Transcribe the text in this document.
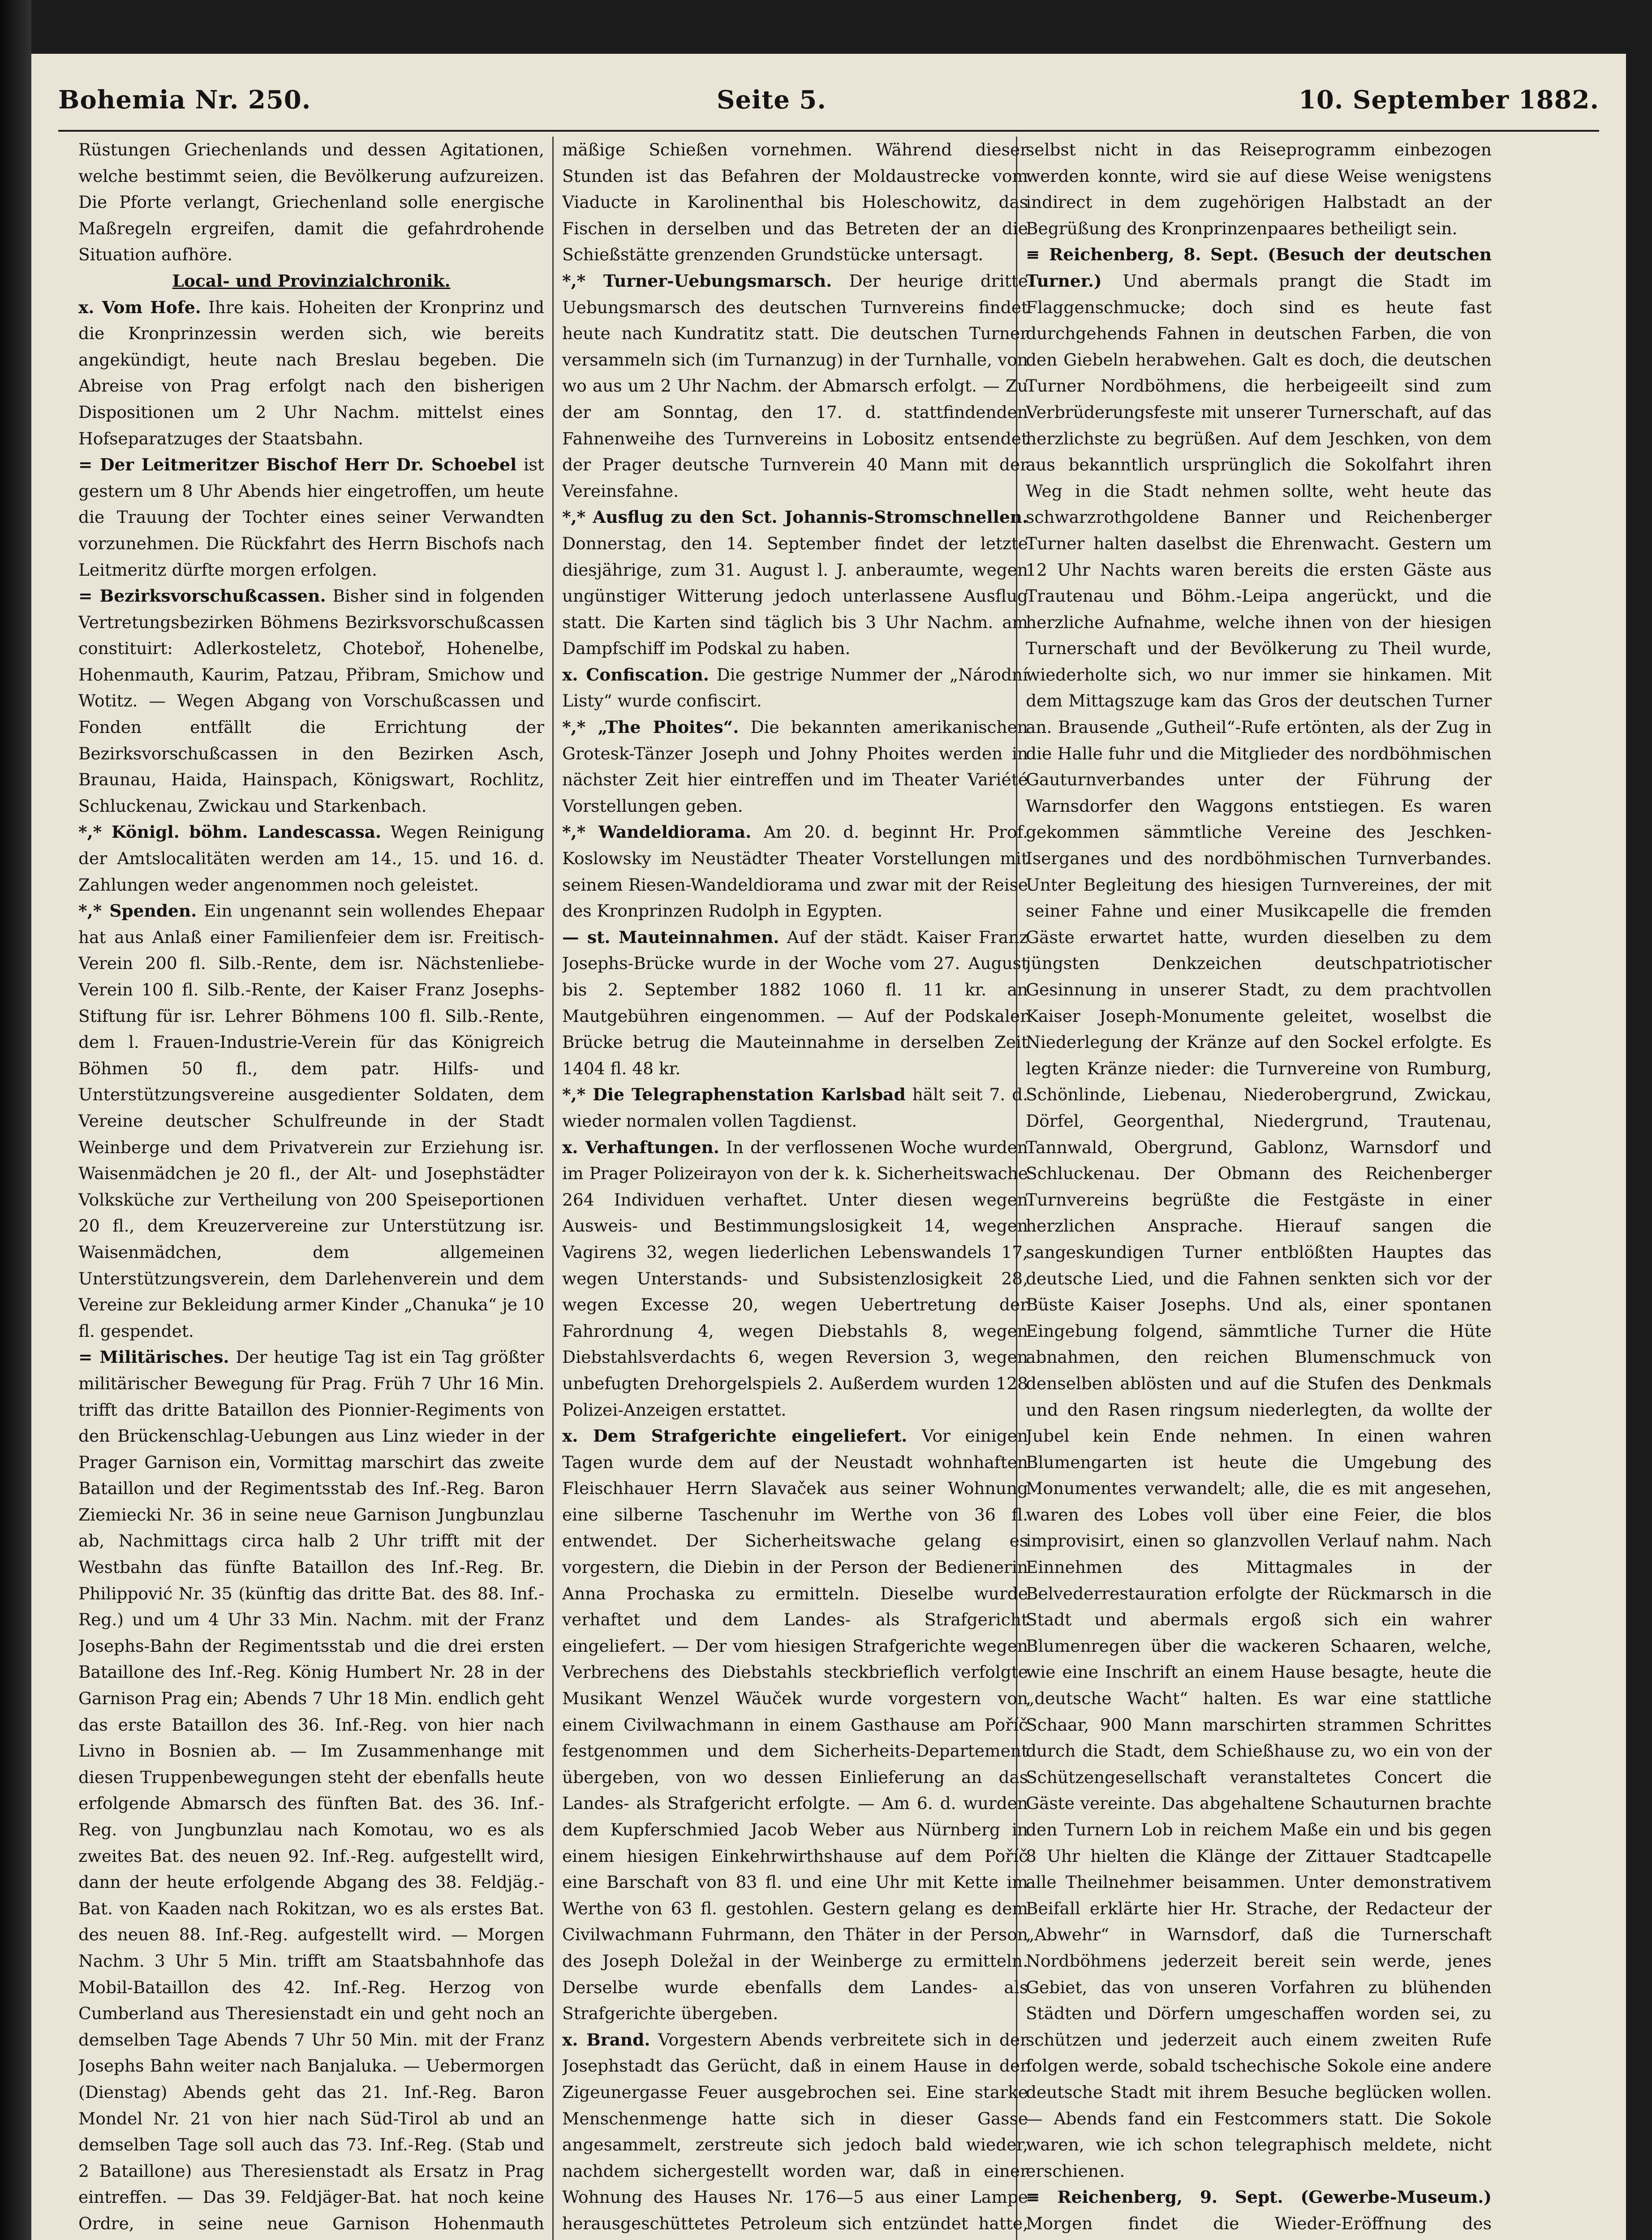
Bohemia Nr. 250.	Seite 5.	10. September 1882.

Rüstungen Griechenlands und dessen Agitationen, welche bestimmt seien, die Bevölkerung aufzureizen. Die Pforte verlangt, Griechenland solle energische Maßregeln ergreifen, damit die gefahrdrohende Situation aufhöre.

Local- und Provinzialchronik.

x. Vom Hofe. Ihre kais. Hoheiten der Kronprinz und die Kronprinzessin werden sich, wie bereits angekündigt, heute nach Breslau begeben. Die Abreise von Prag erfolgt nach den bisherigen Dispositionen um 2 Uhr Nachm. mittelst eines Hofseparatzuges der Staatsbahn.

= Der Leitmeritzer Bischof Herr Dr. Schoebel ist gestern um 8 Uhr Abends hier eingetroffen, um heute die Trauung der Tochter eines seiner Verwandten vorzunehmen. Die Rückfahrt des Herrn Bischofs nach Leitmeritz dürfte morgen erfolgen.

= Bezirksvorschußcassen. Bisher sind in folgenden Vertretungsbezirken Böhmens Bezirksvorschußcassen constituirt: Adlerkosteletz, Choteboř, Hohenelbe, Hohenmauth, Kaurim, Patzau, Přibram, Smichow und Wotitz. — Wegen Abgang von Vorschußcassen und Fonden entfällt die Errichtung der Bezirksvorschußcassen in den Bezirken Asch, Braunau, Haida, Hainspach, Königswart, Rochlitz, Schluckenau, Zwickau und Starkenbach.

*,* Königl. böhm. Landescassa. Wegen Reinigung der Amtslocalitäten werden am 14., 15. und 16. d. Zahlungen weder angenommen noch geleistet.

*,* Spenden. Ein ungenannt sein wollendes Ehepaar hat aus Anlaß einer Familienfeier dem isr. Freitisch-Verein 200 fl. Silb.-Rente, dem isr. Nächstenliebe-Verein 100 fl. Silb.-Rente, der Kaiser Franz Josephs-Stiftung für isr. Lehrer Böhmens 100 fl. Silb.-Rente, dem l. Frauen-Industrie-Verein für das Königreich Böhmen 50 fl., dem patr. Hilfs- und Unterstützungsvereine ausgedienter Soldaten, dem Vereine deutscher Schulfreunde in der Stadt Weinberge und dem Privatverein zur Erziehung isr. Waisenmädchen je 20 fl., der Alt- und Josephstädter Volksküche zur Vertheilung von 200 Speiseportionen 20 fl., dem Kreuzervereine zur Unterstützung isr. Waisenmädchen, dem allgemeinen Unterstützungsverein, dem Darlehenverein und dem Vereine zur Bekleidung armer Kinder „Chanuka“ je 10 fl. gespendet.

= Militärisches. Der heutige Tag ist ein Tag größter militärischer Bewegung für Prag. Früh 7 Uhr 16 Min. trifft das dritte Bataillon des Pionnier-Regiments von den Brückenschlag-Uebungen aus Linz wieder in der Prager Garnison ein, Vormittag marschirt das zweite Bataillon und der Regimentsstab des Inf.-Reg. Baron Ziemiecki Nr. 36 in seine neue Garnison Jungbunzlau ab, Nachmittags circa halb 2 Uhr trifft mit der Westbahn das fünfte Bataillon des Inf.-Reg. Br. Philippović Nr. 35 (künftig das dritte Bat. des 88. Inf.-Reg.) und um 4 Uhr 33 Min. Nachm. mit der Franz Josephs-Bahn der Regimentsstab und die drei ersten Bataillone des Inf.-Reg. König Humbert Nr. 28 in der Garnison Prag ein; Abends 7 Uhr 18 Min. endlich geht das erste Bataillon des 36. Inf.-Reg. von hier nach Livno in Bosnien ab. — Im Zusammenhange mit diesen Truppenbewegungen steht der ebenfalls heute erfolgende Abmarsch des fünften Bat. des 36. Inf.-Reg. von Jungbunzlau nach Komotau, wo es als zweites Bat. des neuen 92. Inf.-Reg. aufgestellt wird, dann der heute erfolgende Abgang des 38. Feldjäg.-Bat. von Kaaden nach Rokitzan, wo es als erstes Bat. des neuen 88. Inf.-Reg. aufgestellt wird. — Morgen Nachm. 3 Uhr 5 Min. trifft am Staatsbahnhofe das Mobil-Bataillon des 42. Inf.-Reg. Herzog von Cumberland aus Theresienstadt ein und geht noch an demselben Tage Abends 7 Uhr 50 Min. mit der Franz Josephs Bahn weiter nach Banjaluka. — Uebermorgen (Dienstag) Abends geht das 21. Inf.-Reg. Baron Mondel Nr. 21 von hier nach Süd-Tirol ab und an demselben Tage soll auch das 73. Inf.-Reg. (Stab und 2 Bataillone) aus Theresienstadt als Ersatz in Prag eintreffen. — Das 39. Feldjäger-Bat. hat noch keine Ordre, in seine neue Garnison Hohenmauth

mäßige Schießen vornehmen. Während dieser Stunden ist das Befahren der Moldaustrecke vom Viaducte in Karolinenthal bis Holeschowitz, das Fischen in derselben und das Betreten der an die Schießstätte grenzenden Grundstücke untersagt.

*,* Turner-Uebungsmarsch. Der heurige dritte Uebungsmarsch des deutschen Turnvereins findet heute nach Kundratitz statt. Die deutschen Turner versammeln sich (im Turnanzug) in der Turnhalle, von wo aus um 2 Uhr Nachm. der Abmarsch erfolgt. — Zu der am Sonntag, den 17. d. stattfindenden Fahnenweihe des Turnvereins in Lobositz entsendet der Prager deutsche Turnverein 40 Mann mit der Vereinsfahne.

*,* Ausflug zu den Sct. Johannis-Stromschnellen. Donnerstag, den 14. September findet der letzte diesjährige, zum 31. August l. J. anberaumte, wegen ungünstiger Witterung jedoch unterlassene Ausflug statt. Die Karten sind täglich bis 3 Uhr Nachm. am Dampfschiff im Podskal zu haben.

x. Confiscation. Die gestrige Nummer der „Národní Listy“ wurde confiscirt.

*,* „The Phoites“. Die bekannten amerikanischen Grotesk-Tänzer Joseph und Johny Phoites werden in nächster Zeit hier eintreffen und im Theater Variété Vorstellungen geben.

*,* Wandeldiorama. Am 20. d. beginnt Hr. Prof. Koslowsky im Neustädter Theater Vorstellungen mit seinem Riesen-Wandeldiorama und zwar mit der Reise des Kronprinzen Rudolph in Egypten.

— st. Mauteinnahmen. Auf der städt. Kaiser Franz Josephs-Brücke wurde in der Woche vom 27. August bis 2. September 1882 1060 fl. 11 kr. an Mautgebühren eingenommen. — Auf der Podskaler Brücke betrug die Mauteinnahme in derselben Zeit 1404 fl. 48 kr.

*,* Die Telegraphenstation Karlsbad hält seit 7. d. wieder normalen vollen Tagdienst.

x. Verhaftungen. In der verflossenen Woche wurden im Prager Polizeirayon von der k. k. Sicherheitswache 264 Individuen verhaftet. Unter diesen wegen Ausweis- und Bestimmungslosigkeit 14, wegen Vagirens 32, wegen liederlichen Lebenswandels 17, wegen Unterstands- und Subsistenzlosigkeit 28, wegen Excesse 20, wegen Uebertretung der Fahrordnung 4, wegen Diebstahls 8, wegen Diebstahlsverdachts 6, wegen Reversion 3, wegen unbefugten Drehorgelspiels 2. Außerdem wurden 128 Polizei-Anzeigen erstattet.

x. Dem Strafgerichte eingeliefert. Vor einigen Tagen wurde dem auf der Neustadt wohnhaften Fleischhauer Herrn Slavaček aus seiner Wohnung eine silberne Taschenuhr im Werthe von 36 fl. entwendet. Der Sicherheitswache gelang es vorgestern, die Diebin in der Person der Bedienerin Anna Prochaska zu ermitteln. Dieselbe wurde verhaftet und dem Landes- als Strafgericht eingeliefert. — Der vom hiesigen Strafgerichte wegen Verbrechens des Diebstahls steckbrieflich verfolgte Musikant Wenzel Wäuček wurde vorgestern von einem Civilwachmann in einem Gasthause am Poříč festgenommen und dem Sicherheits-Departement übergeben, von wo dessen Einlieferung an das Landes- als Strafgericht erfolgte. — Am 6. d. wurden dem Kupferschmied Jacob Weber aus Nürnberg in einem hiesigen Einkehrwirthshause auf dem Poříč eine Barschaft von 83 fl. und eine Uhr mit Kette im Werthe von 63 fl. gestohlen. Gestern gelang es dem Civilwachmann Fuhrmann, den Thäter in der Person des Joseph Doležal in der Weinberge zu ermitteln. Derselbe wurde ebenfalls dem Landes- als Strafgerichte übergeben.

x. Brand. Vorgestern Abends verbreitete sich in der Josephstadt das Gerücht, daß in einem Hause in der Zigeunergasse Feuer ausgebrochen sei. Eine starke Menschenmenge hatte sich in dieser Gasse angesammelt, zerstreute sich jedoch bald wieder, nachdem sichergestellt worden war, daß in einer Wohnung des Hauses Nr. 176—5 aus einer Lampe herausgeschüttetes Petroleum sich entzündet hatte,

selbst nicht in das Reiseprogramm einbezogen werden konnte, wird sie auf diese Weise wenigstens indirect in dem zugehörigen Halbstadt an der Begrüßung des Kronprinzenpaares betheiligt sein.

≡ Reichenberg, 8. Sept. (Besuch der deutschen Turner.) Und abermals prangt die Stadt im Flaggenschmucke; doch sind es heute fast durchgehends Fahnen in deutschen Farben, die von den Giebeln herabwehen. Galt es doch, die deutschen Turner Nordböhmens, die herbeigeeilt sind zum Verbrüderungsfeste mit unserer Turnerschaft, auf das herzlichste zu begrüßen. Auf dem Jeschken, von dem aus bekanntlich ursprünglich die Sokolfahrt ihren Weg in die Stadt nehmen sollte, weht heute das schwarzrothgoldene Banner und Reichenberger Turner halten daselbst die Ehrenwacht. Gestern um 12 Uhr Nachts waren bereits die ersten Gäste aus Trautenau und Böhm.-Leipa angerückt, und die herzliche Aufnahme, welche ihnen von der hiesigen Turnerschaft und der Bevölkerung zu Theil wurde, wiederholte sich, wo nur immer sie hinkamen. Mit dem Mittagszuge kam das Gros der deutschen Turner an. Brausende „Gutheil“-Rufe ertönten, als der Zug in die Halle fuhr und die Mitglieder des nordböhmischen Gauturnverbandes unter der Führung der Warnsdorfer den Waggons entstiegen. Es waren gekommen sämmtliche Vereine des Jeschken-Iserganes und des nordböhmischen Turnverbandes. Unter Begleitung des hiesigen Turnvereines, der mit seiner Fahne und einer Musikcapelle die fremden Gäste erwartet hatte, wurden dieselben zu dem jüngsten Denkzeichen deutschpatriotischer Gesinnung in unserer Stadt, zu dem prachtvollen Kaiser Joseph-Monumente geleitet, woselbst die Niederlegung der Kränze auf den Sockel erfolgte. Es legten Kränze nieder: die Turnvereine von Rumburg, Schönlinde, Liebenau, Niederobergrund, Zwickau, Dörfel, Georgenthal, Niedergrund, Trautenau, Tannwald, Obergrund, Gablonz, Warnsdorf und Schluckenau. Der Obmann des Reichenberger Turnvereins begrüßte die Festgäste in einer herzlichen Ansprache. Hierauf sangen die sangeskundigen Turner entblößten Hauptes das deutsche Lied, und die Fahnen senkten sich vor der Büste Kaiser Josephs. Und als, einer spontanen Eingebung folgend, sämmtliche Turner die Hüte abnahmen, den reichen Blumenschmuck von denselben ablösten und auf die Stufen des Denkmals und den Rasen ringsum niederlegten, da wollte der Jubel kein Ende nehmen. In einen wahren Blumengarten ist heute die Umgebung des Monumentes verwandelt; alle, die es mit angesehen, waren des Lobes voll über eine Feier, die blos improvisirt, einen so glanzvollen Verlauf nahm. Nach Einnehmen des Mittagmales in der Belvederrestauration erfolgte der Rückmarsch in die Stadt und abermals ergoß sich ein wahrer Blumenregen über die wackeren Schaaren, welche, wie eine Inschrift an einem Hause besagte, heute die „deutsche Wacht“ halten. Es war eine stattliche Schaar, 900 Mann marschirten strammen Schrittes durch die Stadt, dem Schießhause zu, wo ein von der Schützengesellschaft veranstaltetes Concert die Gäste vereinte. Das abgehaltene Schauturnen brachte den Turnern Lob in reichem Maße ein und bis gegen 8 Uhr hielten die Klänge der Zittauer Stadtcapelle alle Theilnehmer beisammen. Unter demonstrativem Beifall erklärte hier Hr. Strache, der Redacteur der „Abwehr“ in Warnsdorf, daß die Turnerschaft Nordböhmens jederzeit bereit sein werde, jenes Gebiet, das von unseren Vorfahren zu blühenden Städten und Dörfern umgeschaffen worden sei, zu schützen und jederzeit auch einem zweiten Rufe folgen werde, sobald tschechische Sokole eine andere deutsche Stadt mit ihrem Besuche beglücken wollen. — Abends fand ein Festcommers statt. Die Sokole waren, wie ich schon telegraphisch meldete, nicht erschienen.

≡ Reichenberg, 9. Sept. (Gewerbe-Museum.) Morgen findet die Wieder-Eröffnung des
